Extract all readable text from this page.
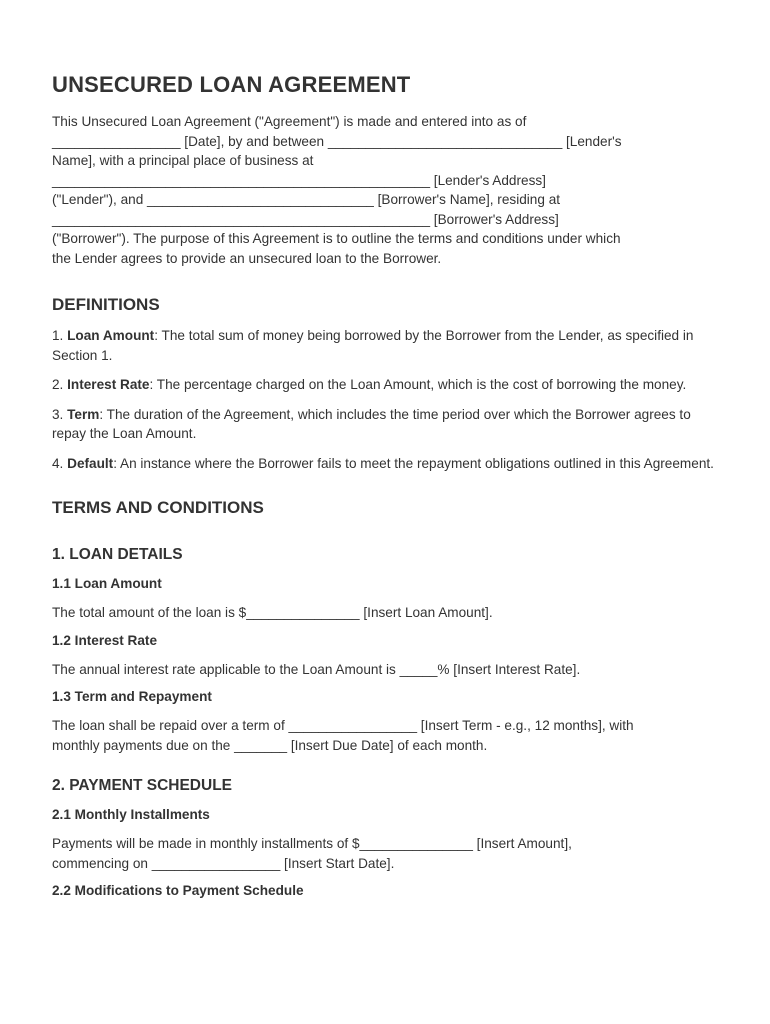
UNSECURED LOAN AGREEMENT
This Unsecured Loan Agreement ("Agreement") is made and entered into as of
_________________ [Date], by and between _______________________________ [Lender's
Name], with a principal place of business at
__________________________________________________ [Lender's Address]
("Lender"), and ______________________________ [Borrower's Name], residing at
__________________________________________________ [Borrower's Address]
("Borrower"). The purpose of this Agreement is to outline the terms and conditions under which
the Lender agrees to provide an unsecured loan to the Borrower.
DEFINITIONS

1. Loan Amount: The total sum of money being borrowed by the Borrower from the Lender, as specified in Section 1.

2. Interest Rate: The percentage charged on the Loan Amount, which is the cost of borrowing the money.

3. Term: The duration of the Agreement, which includes the time period over which the Borrower agrees to repay the Loan Amount.

4. Default: An instance where the Borrower fails to meet the repayment obligations outlined in this Agreement.

TERMS AND CONDITIONS
1. LOAN DETAILS
1.1 Loan Amount

The total amount of the loan is $_______________ [Insert Loan Amount].

1.2 Interest Rate

The annual interest rate applicable to the Loan Amount is _____% [Insert Interest Rate].

1.3 Term and Repayment

The loan shall be repaid over a term of _________________ [Insert Term - e.g., 12 months], with

monthly payments due on the _______ [Insert Due Date] of each month.

2. PAYMENT SCHEDULE
2.1 Monthly Installments

Payments will be made in monthly installments of $_______________ [Insert Amount],

commencing on _________________ [Insert Start Date].

2.2 Modifications to Payment Schedule
